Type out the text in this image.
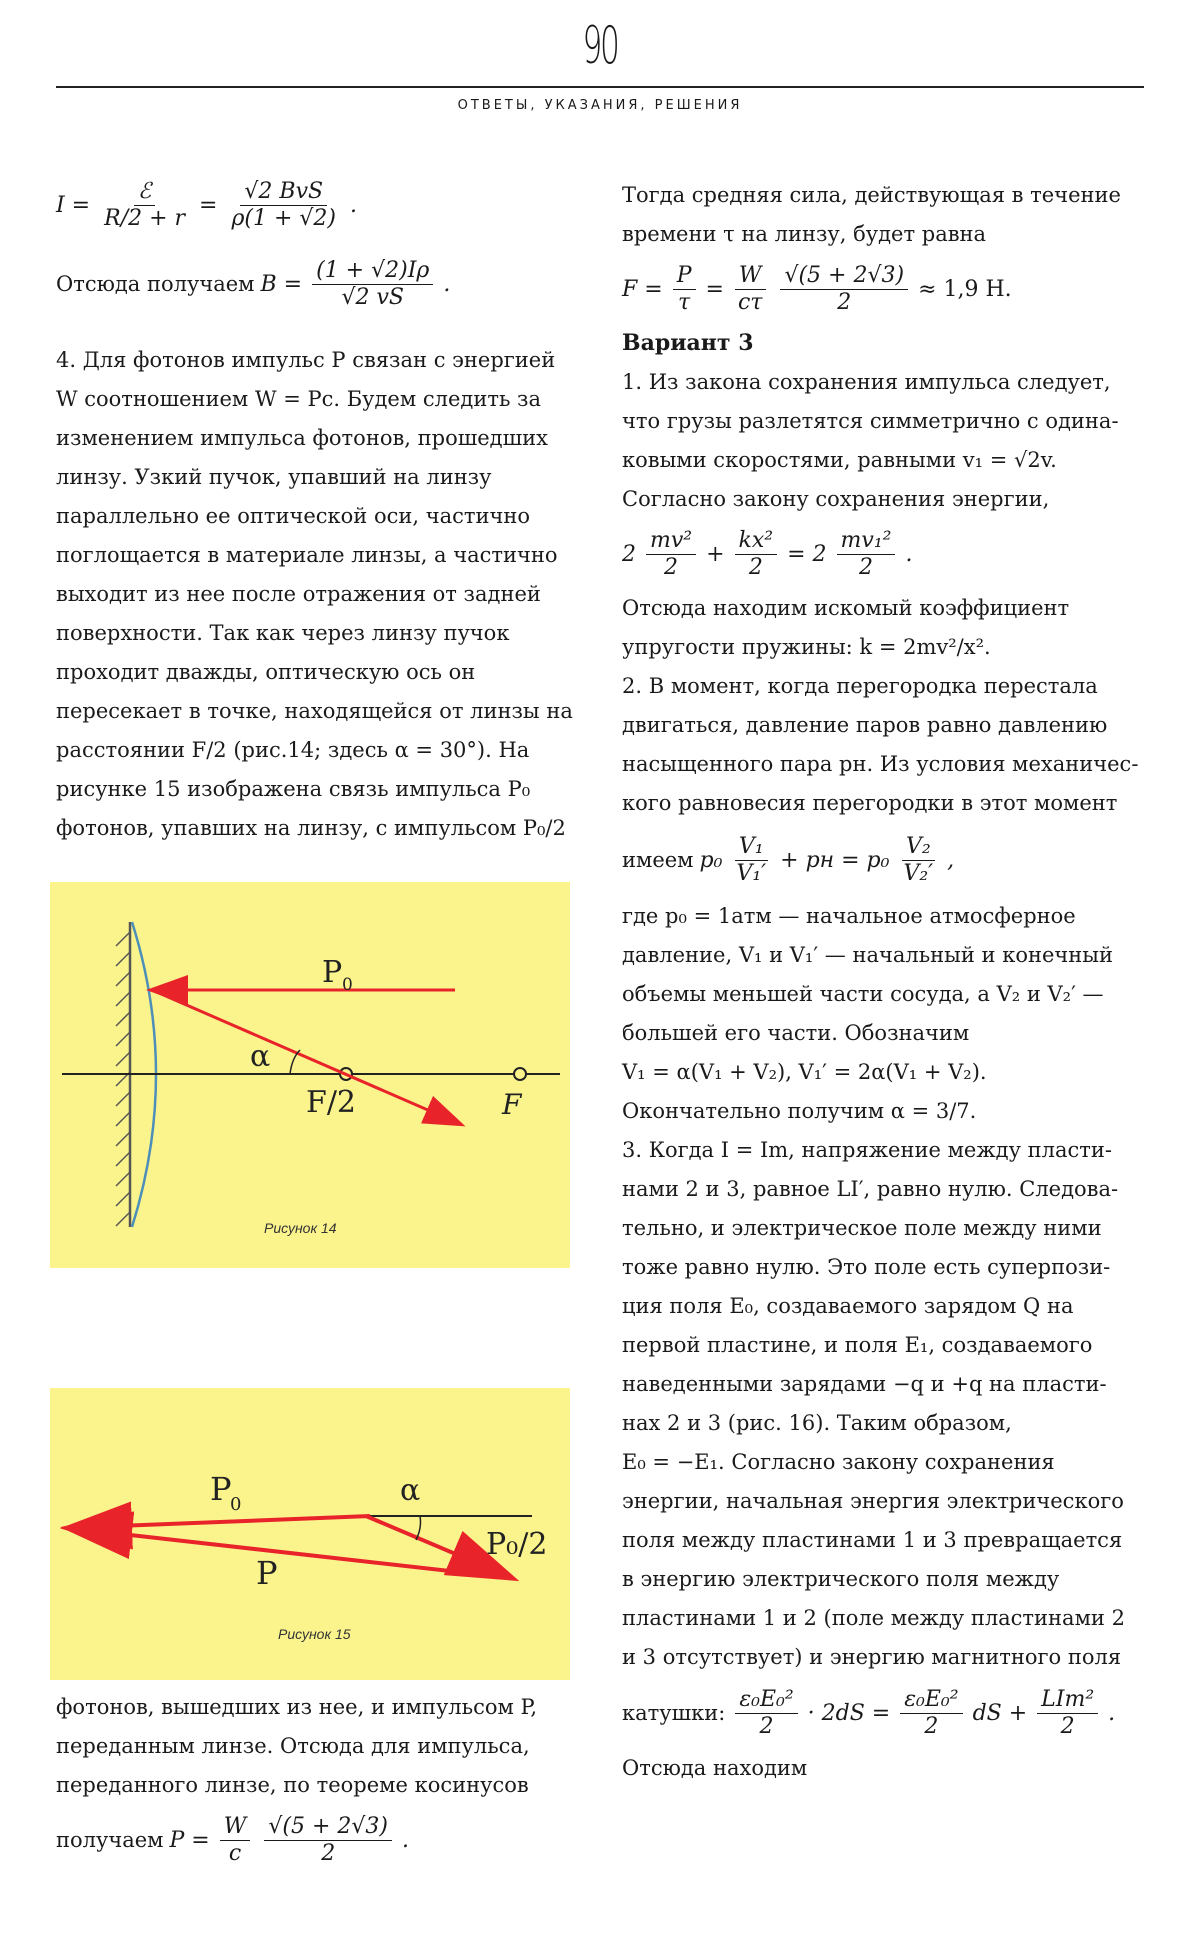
90
ОТВЕТЫ, УКАЗАНИЯ, РЕШЕНИЯ
$I = \frac{\text{ℰ}}{R/2 + r} = \frac{\text{√2 BvS}}{\rho(1 + √2)}$ .
Отсюда получаем $B = \frac{(1 + √2)I\rho}{√2 vS}$ .

4. Для фотонов импульс P связан с энергией

W соотношением W = Pc. Будем следить за

изменением импульса фотонов, прошедших

линзу. Узкий пучок, упавший на линзу

параллельно ее оптической оси, частично

поглощается в материале линзы, а частично

выходит из нее после отражения от задней

поверхности. Так как через линзу пучок

проходит дважды, оптическую ось он

пересекает в точке, находящейся от линзы на

расстоянии F/2 (рис.14; здесь α = 30°). На

рисунке 15 изображена связь импульса P₀

фотонов, упавших на линзу, с импульсом P₀/2

α
P 0
F/2	F
Рисунок 14
α
P
0
P₀/2
P
Рисунок 15

фотонов, вышедших из нее, и импульсом P,

переданным линзе. Отсюда для импульса,

переданного линзе, по теореме косинусов

получаем $P = \frac{W}{c} \frac{√(5 + 2√3)}{2}$ .

Тогда средняя сила, действующая в течение

времени τ на линзу, будет равна

$F = \frac{P}{\tau} = \frac{W}{c\tau} \frac{√(5 + 2√3)}{2} \approx 1,9$ Н.

Вариант 3

1. Из закона сохранения импульса следует,

что грузы разлетятся симметрично с одина-

ковыми скоростями, равными v₁ = √2v.

Согласно закону сохранения энергии,

$2 \frac{\text{mv²}}{2} + \frac{\text{kx²}}{2} = 2 \frac{\text{mv₁²}}{2}$ .

Отсюда находим искомый коэффициент

упругости пружины: k = 2mv²/x².

2. В момент, когда перегородка перестала

двигаться, давление паров равно давлению

насыщенного пара pн. Из условия механичес-

кого равновесия перегородки в этот момент

имеем $p_0 \frac{\text{V₁}}{\text{V₁′}}$ + pн = $p_0 \frac{\text{V₂}}{\text{V₂′}}$ ,

где p₀ = 1атм — начальное атмосферное

давление, V₁ и V₁′ — начальный и конечный

объемы меньшей части сосуда, а V₂ и V₂′ —

большей его части. Обозначим

V₁ = α(V₁ + V₂), V₁′ = 2α(V₁ + V₂).

Окончательно получим α = 3/7.

3. Когда I = Im, напряжение между пласти-

нами 2 и 3, равное LI′, равно нулю. Следова-

тельно, и электрическое поле между ними

тоже равно нулю. Это поле есть суперпози-

ция поля E₀, создаваемого зарядом Q на

первой пластине, и поля E₁, создаваемого

наведенными зарядами −q и +q на пласти-

нах 2 и 3 (рис. 16). Таким образом,

E₀ = −E₁. Согласно закону сохранения

энергии, начальная энергия электрического

поля между пластинами 1 и 3 превращается

в энергию электрического поля между

пластинами 1 и 2 (поле между пластинами 2

и 3 отсутствует) и энергию магнитного поля

катушки: $\frac{\text{ε₀E₀²}}{2} \cdot 2dS = \frac{\text{ε₀E₀²}}{2}$ dS + $\frac{\text{LIm²}}{2}$ .

Отсюда находим
